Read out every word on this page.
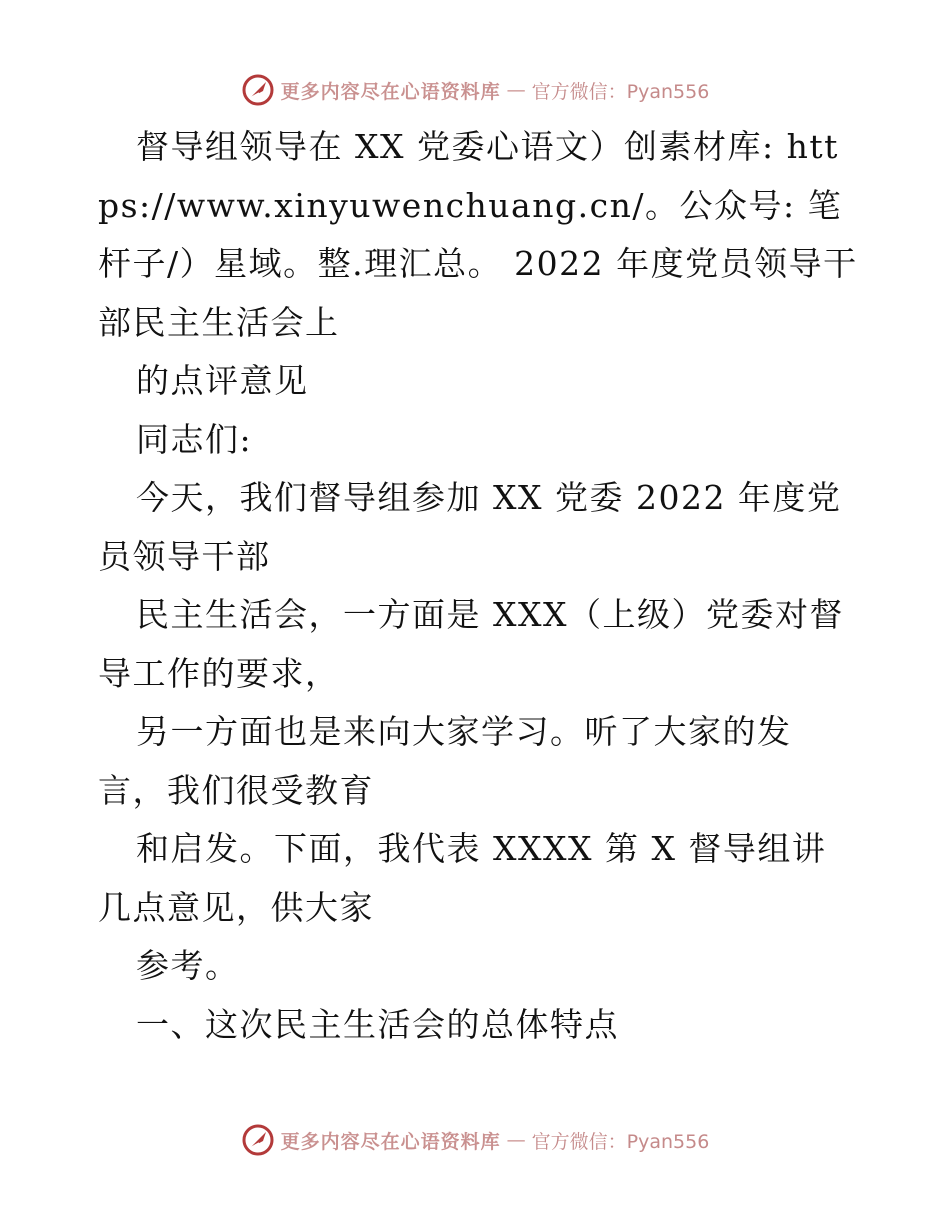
更多内容尽在心语资料库 — 官方微信：Pyan556

督导组领导在 XX 党委心语文）创素材库: https://www.xinyuwenchuang.cn/。公众号: 笔杆子/）星域。整.理汇总。 2022 年度党员领导干部民主生活会上

的点评意见

同志们:

今天，我们督导组参加 XX 党委 2022 年度党员领导干部

民主生活会，一方面是 XXX（上级）党委对督导工作的要求，

另一方面也是来向大家学习。听了大家的发言，我们很受教育

和启发。下面，我代表 XXXX 第 X 督导组讲几点意见，供大家

参考。

一、这次民主生活会的总体特点

更多内容尽在心语资料库 — 官方微信：Pyan556
